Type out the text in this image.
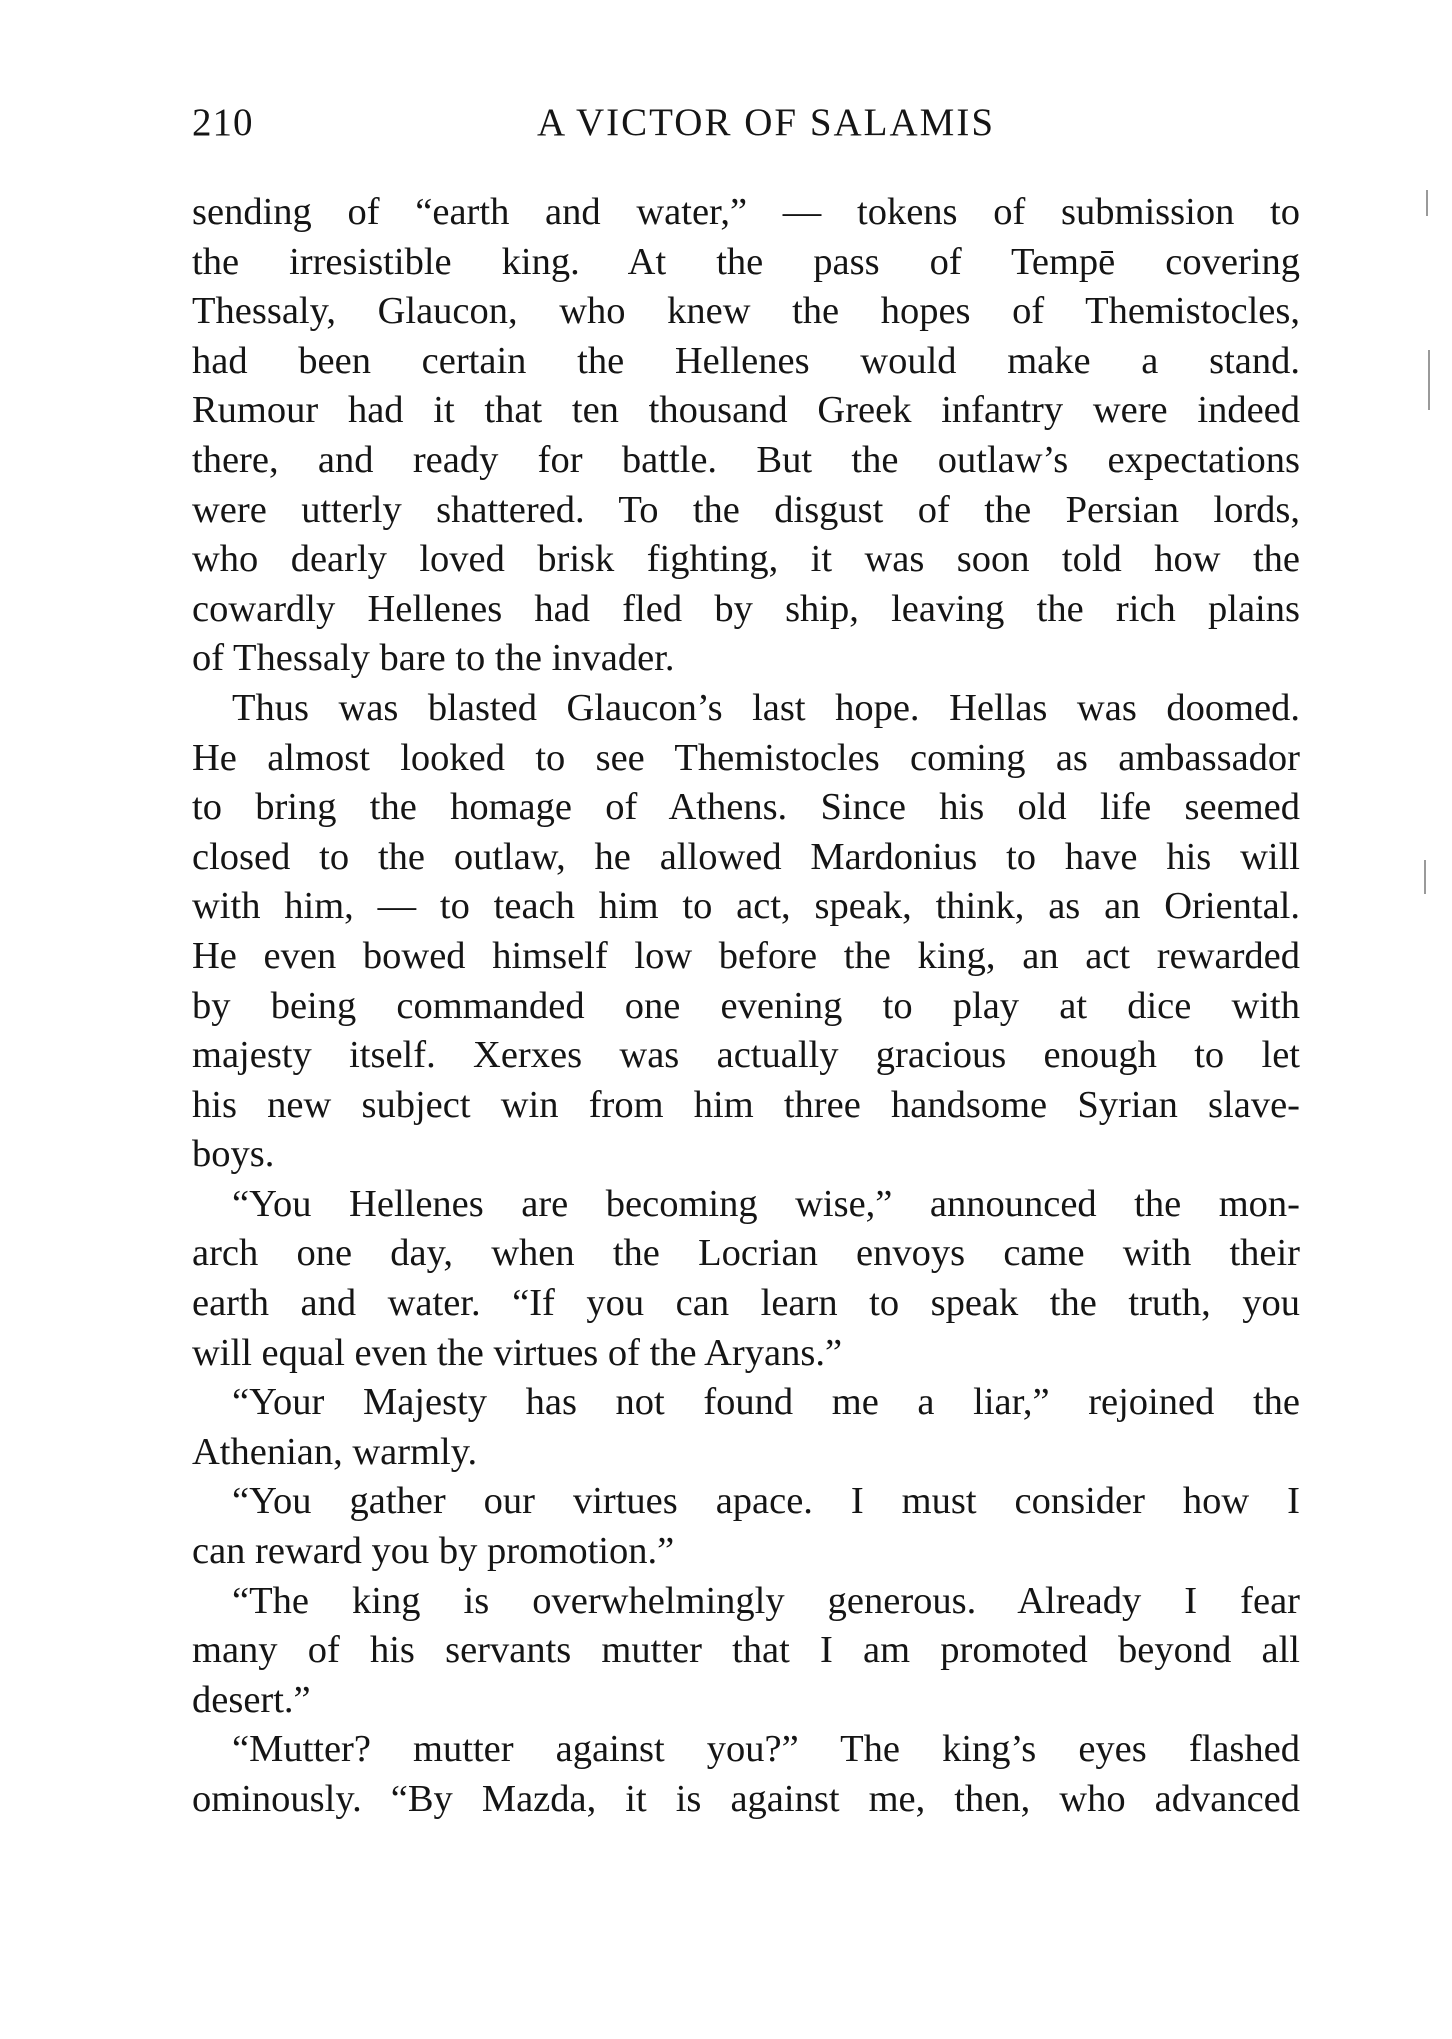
210	A VICTOR OF SALAMIS
sending of “earth and water,” — tokens of submission to
the irresistible king. At the pass of Tempē covering
Thessaly, Glaucon, who knew the hopes of Themistocles,
had been certain the Hellenes would make a stand.
Rumour had it that ten thousand Greek infantry were indeed
there, and ready for battle. But the outlaw’s expectations
were utterly shattered. To the disgust of the Persian lords,
who dearly loved brisk fighting, it was soon told how the
cowardly Hellenes had fled by ship, leaving the rich plains
of Thessaly bare to the invader.
Thus was blasted Glaucon’s last hope. Hellas was doomed.
He almost looked to see Themistocles coming as ambassador
to bring the homage of Athens. Since his old life seemed
closed to the outlaw, he allowed Mardonius to have his will
with him, — to teach him to act, speak, think, as an Oriental.
He even bowed himself low before the king, an act rewarded
by being commanded one evening to play at dice with
majesty itself. Xerxes was actually gracious enough to let
his new subject win from him three handsome Syrian slave-
boys.
“You Hellenes are becoming wise,” announced the mon-
arch one day, when the Locrian envoys came with their
earth and water. “If you can learn to speak the truth, you
will equal even the virtues of the Aryans.”
“Your Majesty has not found me a liar,” rejoined the
Athenian, warmly.
“You gather our virtues apace. I must consider how I
can reward you by promotion.”
“The king is overwhelmingly generous. Already I fear
many of his servants mutter that I am promoted beyond all
desert.”
“Mutter? mutter against you?” The king’s eyes flashed
ominously. “By Mazda, it is against me, then, who advanced
